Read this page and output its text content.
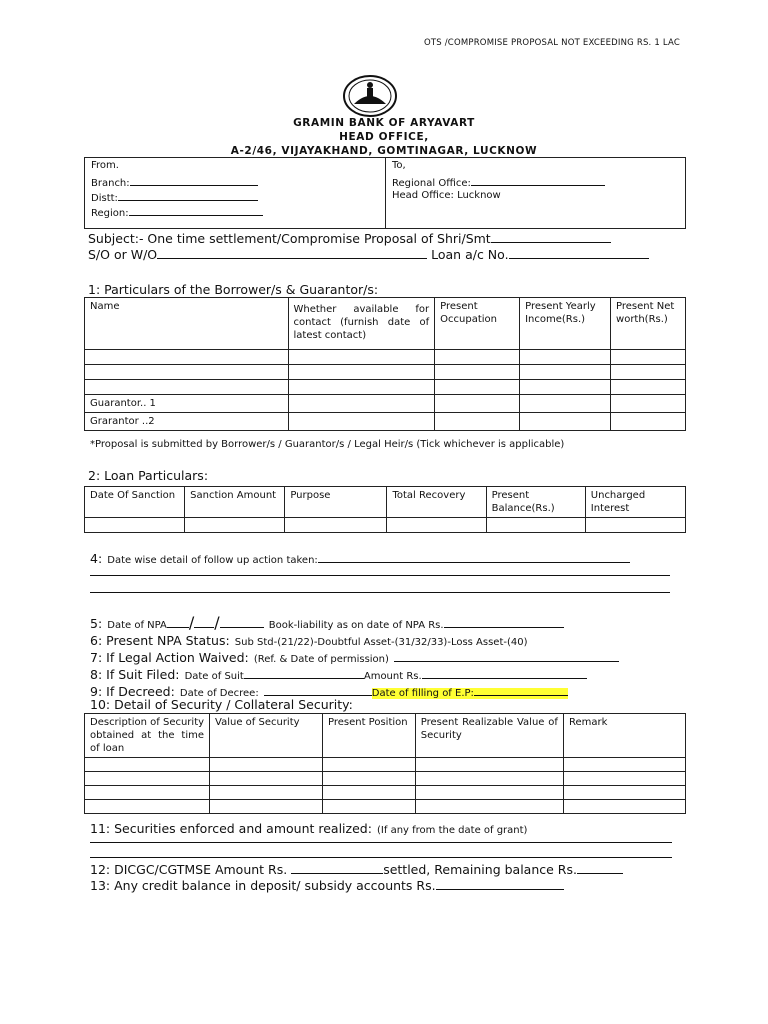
OTS /COMPROMISE PROPOSAL NOT EXCEEDING RS. 1 LAC
GRAMIN BANK OF ARYAVART
HEAD OFFICE,
A-2/46, VIJAYAKHAND, GOMTINAGAR, LUCKNOW
From.
Branch:
Distt:
Region:
To,
Regional Office:
Head Office: Lucknow
Subject:- One time settlement/Compromise Proposal of Shri/Smt
S/O or W/O	Loan a/c No.
1: Particulars of the Borrower/s & Guarantor/s:
Name	Whether available for contact (furnish date of latest contact)	Present Occupation	Present Yearly Income(Rs.)	Present Net worth(Rs.)

Guarantor.. 1				
Grarantor ..2				
*Proposal is submitted by Borrower/s / Guarantor/s / Legal Heir/s (Tick whichever is applicable)
2: Loan Particulars:
Date Of Sanction	Sanction Amount	Purpose	Total Recovery	Present Balance(Rs.)	Uncharged Interest

4: Date wise detail of follow up action taken:
5: Date of NPA / /	Book-liability as on date of NPA Rs.
6: Present NPA Status: Sub Std-(21/22)-Doubtful Asset-(31/32/33)-Loss Asset-(40)
7: If Legal Action Waived: (Ref. & Date of permission)
8: If Suit Filed: Date of Suit	Amount Rs.
9: If Decreed: Date of Decree:	Date of filling of E.P:
10: Detail of Security / Collateral Security:
Description of Security obtained at the time of loan	Value of Security	Present Position	Present Realizable Value of Security	Remark

11: Securities enforced and amount realized: (If any from the date of grant)
12: DICGC/CGTMSE Amount Rs.	settled, Remaining balance Rs.
13: Any credit balance in deposit/ subsidy accounts Rs.
